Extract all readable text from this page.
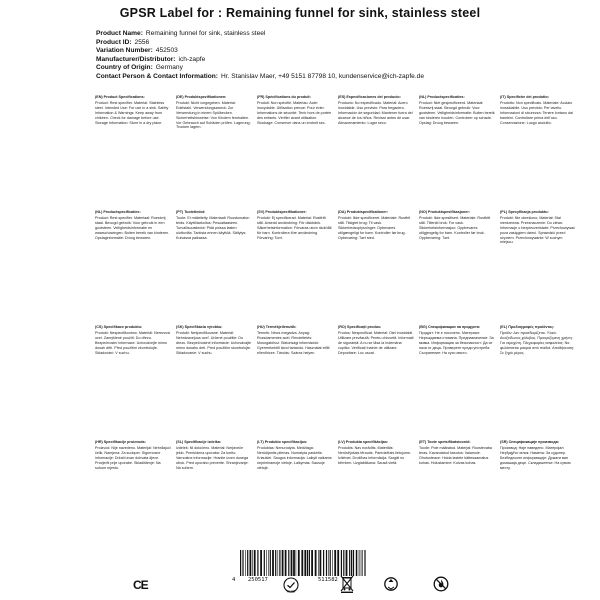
GPSR Label for : Remaining funnel for sink, stainless steel
Product Name: Remaining funnel for sink, stainless steel
Product ID: 2556
Variation Number: 452503
Manufacturer/Distributor: ich-zapfe
Country of Origin: Germany
Contact Person & Contact Information: Hr. Stanislav Maer, +49 5151 87798 10, kundenservice@ich-zapfe.de
(EN) Product Specifications:
Product: Rest specifier. Material: Stainless steel. Intended Use: For use in a sink. Safety Information & Warnings: Keep away from children. Check for damage before use. Storage Information: Store in a dry place.
(DE) Produktspezifikationen:
Produkt: Nicht vorgegeben. Material: Edelstahl. Verwendungszweck: Zur Verwendung in einem Spülbecken. Sicherheitshinweise: Von Kindern fernhalten. Vor Gebrauch auf Schäden prüfen. Lagerung: Trocken lagern.
(FR) Spécifications du produit:
Produit: Non spécifié. Matériau: Acier inoxydable. Utilisation prévue: Pour évier. Informations de sécurité: Tenir hors de portée des enfants. Vérifier avant utilisation. Stockage: Conserver dans un endroit sec.
(ES) Especificaciones del producto:
Producto: No especificado. Material: Acero inoxidable. Uso previsto: Para fregadero. Información de seguridad: Mantener fuera del alcance de los niños. Revisar antes de usar. Almacenamiento: Lugar seco.
(NL) Productspecificaties:
Product: Niet gespecificeerd. Materiaal: Roestvrij staal. Beoogd gebruik: Voor gootsteen. Veiligheidsinformatie: Buiten bereik van kinderen houden. Controleer op schade. Opslag: Droog bewaren.
(IT) Specifiche del prodotto:
Prodotto: Non specificato. Materiale: Acciaio inossidabile. Uso previsto: Per lavello. Informazioni di sicurezza: Tenere lontano dai bambini. Controllare prima dell'uso. Conservazione: Luogo asciutto.
(NL) Productspecificaties:
Product: Rest specifier. Materiaal: Roestvrij staal. Beoogd gebruik: Voor gebruik in een gootsteen. Veiligheidsinformatie en waarschuwingen: Buiten bereik van kinderen. Opslaginformatie: Droog bewaren.
(PT) Tuotetiedot:
Tuote: Ei määritelty. Materiaali: Ruostumaton teräs. Käyttötarkoitus: Pesualtaaseen. Turvallisuustiedot: Pidä poissa lasten ulottuvilta. Tarkista ennen käyttöä. Säilytys: Kuivassa paikassa.
(SV) Produktspecifikationer:
Produkt: Ej specificerad. Material: Rostfritt stål. Avsedd användning: För diskbänk. Säkerhetsinformation: Förvaras utom räckhåll för barn. Kontrollera före användning. Förvaring: Torrt.
(DA) Produktspecifikationer:
Produkt: Ikke specificeret. Materiale: Rustfrit stål. Tilsigtet brug: Til vask. Sikkerhedsoplysninger: Opbevares utilgængeligt for børn. Kontroller før brug. Opbevaring: Tørt sted.
(NO) Produktspesifikasjoner:
Produkt: Ikke spesifisert. Materiale: Rustfritt stål. Tiltenkt bruk: For vask. Sikkerhetsinformasjon: Oppbevares utilgjengelig for barn. Kontroller før bruk. Oppbevaring: Tørt.
(PL) Specyfikacja produktu:
Produkt: Nie określono. Materiał: Stal nierdzewna. Przeznaczenie: Do zlewu. Informacje o bezpieczeństwie: Przechowywać poza zasięgiem dzieci. Sprawdzić przed użyciem. Przechowywanie: W suchym miejscu.
(CS) Specifikace produktu:
Produkt: Nespecifikováno. Materiál: Nerezová ocel. Zamýšlené použití: Do dřezu. Bezpečnostní informace: Uchovávejte mimo dosah dětí. Před použitím zkontrolujte. Skladování: V suchu.
(SK) Špecifikácia výrobku:
Produkt: Nešpecifikované. Materiál: Nehrdzavejúca oceľ. Určené použitie: Do drezu. Bezpečnostné informácie: Uchovávajte mimo dosahu detí. Pred použitím skontrolujte. Skladovanie: V suchu.
(HU) Termékjellemzők:
Termék: Nincs megadva. Anyag: Rozsdamentes acél. Rendeltetés: Mosogatóhoz. Biztonsági információk: Gyermekektől távol tartandó. Használat előtt ellenőrizze. Tárolás: Száraz helyen.
(RO) Specificații produs:
Produs: Nespecificat. Material: Oțel inoxidabil. Utilizare prevăzută: Pentru chiuvetă. Informații de siguranță: A nu se lăsa la îndemâna copiilor. Verificați înainte de utilizare. Depozitare: Loc uscat.
(BG) Спецификации на продукта:
Продукт: Не е посочено. Материал: Неръждаема стомана. Предназначение: За мивка. Информация за безопасност: Да се пази от деца. Проверете преди употреба. Съхранение: На сухо място.
(EL) Προδιαγραφές προϊόντος:
Προϊόν: Δεν προσδιορίζεται. Υλικό: Ανοξείδωτος χάλυβας. Προοριζόμενη χρήση: Για νεροχύτη. Πληροφορίες ασφαλείας: Να φυλάσσεται μακριά από παιδιά. Αποθήκευση: Σε ξηρό μέρος.
(HR) Specifikacije proizvoda:
Proizvod: Nije navedeno. Materijal: Nehrđajući čelik. Namjena: Za sudoper. Sigurnosne informacije: Držati izvan dohvata djece. Provjeriti prije uporabe. Skladištenje: Na suhom mjestu.
(SL) Specifikacije izdelka:
Izdelek: Ni določeno. Material: Nerjaveče jeklo. Predvidena uporaba: Za korito. Varnostne informacije: Hranite izven dosega otrok. Pred uporabo preverite. Shranjevanje: Na suhem.
(LT) Produkto specifikacijos:
Produktas: Nenurodyta. Medžiaga: Nerūdijantis plienas. Numatyta paskirtis: Kriauklei. Saugos informacija: Laikyti vaikams neprieinamoje vietoje. Laikymas: Sausoje vietoje.
(LV) Produkta specifikācijas:
Produkts: Nav norādīts. Materiāls: Nerūsējošais tērauds. Paredzētais lietojums: Izlietnei. Drošības informācija: Sargāt no bērniem. Uzglabāšana: Sausā vietā.
(ET) Toote spetsifikatsioonid:
Toode: Pole määratud. Materjal: Roostevaba teras. Kavandatud kasutus: Valamule. Ohutusteave: Hoida lastele kättesaamatus kohas. Hoiustamine: Kuivas kohas.
(SR) Спецификације производа:
Производ: Није наведено. Материјал: Нерђајући челик. Намена: За судопер. Безбедносне информације: Држати ван домашаја деце. Складиштење: На сувом месту.
CE	RoHS
4 250517	511582
